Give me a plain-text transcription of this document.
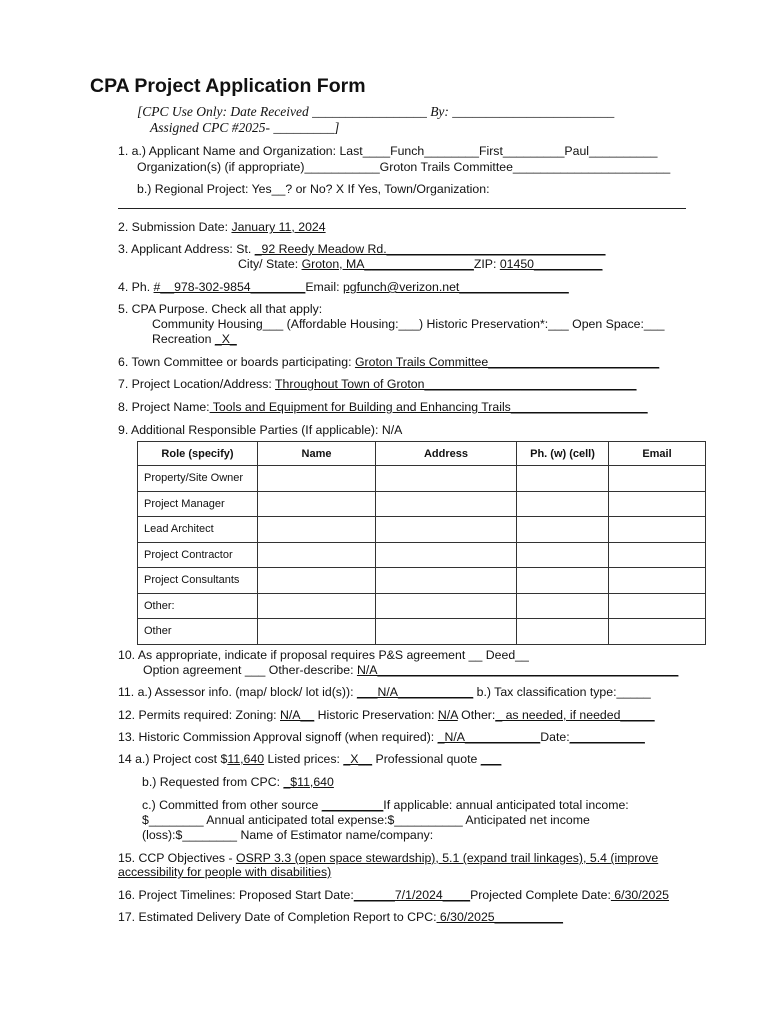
CPA Project Application Form
[CPC Use Only: Date Received _________________ By: ________________________
Assigned CPC #2025- _________]
1. a.) Applicant Name and Organization: Last____Funch________First_________Paul__________
Organization(s) (if appropriate)___________Groton Trails Committee_______________________
b.) Regional Project: Yes__? or No? X If Yes, Town/Organization:
2. Submission Date: January 11, 2024
3. Applicant Address: St. _92 Reedy Meadow Rd.________________________________
City/ State: Groton, MA________________ZIP: 01450__________
4. Ph. #__978-302-9854________Email: pgfunch@verizon.net________________
5. CPA Purpose. Check all that apply:
Community Housing___ (Affordable Housing:___) Historic Preservation*:___ Open Space:___
Recreation _X_
6. Town Committee or boards participating: Groton Trails Committee_________________________
7. Project Location/Address: Throughout Town of Groton_______________________________
8. Project Name: Tools and Equipment for Building and Enhancing Trails____________________
9. Additional Responsible Parties (If applicable): N/A
Role (specify)	Name	Address	Ph. (w) (cell)	Email
Property/Site Owner				
Project Manager				
Lead Architect				
Project Contractor				
Project Consultants				
Other:				
Other				
10. As appropriate, indicate if proposal requires P&S agreement __ Deed__
Option agreement ___ Other-describe: N/A____________________________________________
11. a.) Assessor info. (map/ block/ lot id(s)): ___N/A___________ b.) Tax classification type:_____
12. Permits required: Zoning: N/A__ Historic Preservation: N/A Other:_ as needed, if needed_____
13. Historic Commission Approval signoff (when required): _N/A___________Date:___________
14 a.) Project cost $11,640 Listed prices: _X__ Professional quote ___
b.) Requested from CPC: _$11,640
c.) Committed from other source _________If applicable: annual anticipated total income:
$________ Annual anticipated total expense:$__________ Anticipated net income
(loss):$________ Name of Estimator name/company:
15. CCP Objectives - OSRP 3.3 (open space stewardship), 5.1 (expand trail linkages), 5.4 (improve
accessibility for people with disabilities)
16. Project Timelines: Proposed Start Date:______7/1/2024____Projected Complete Date: 6/30/2025
17. Estimated Delivery Date of Completion Report to CPC: 6/30/2025__________
